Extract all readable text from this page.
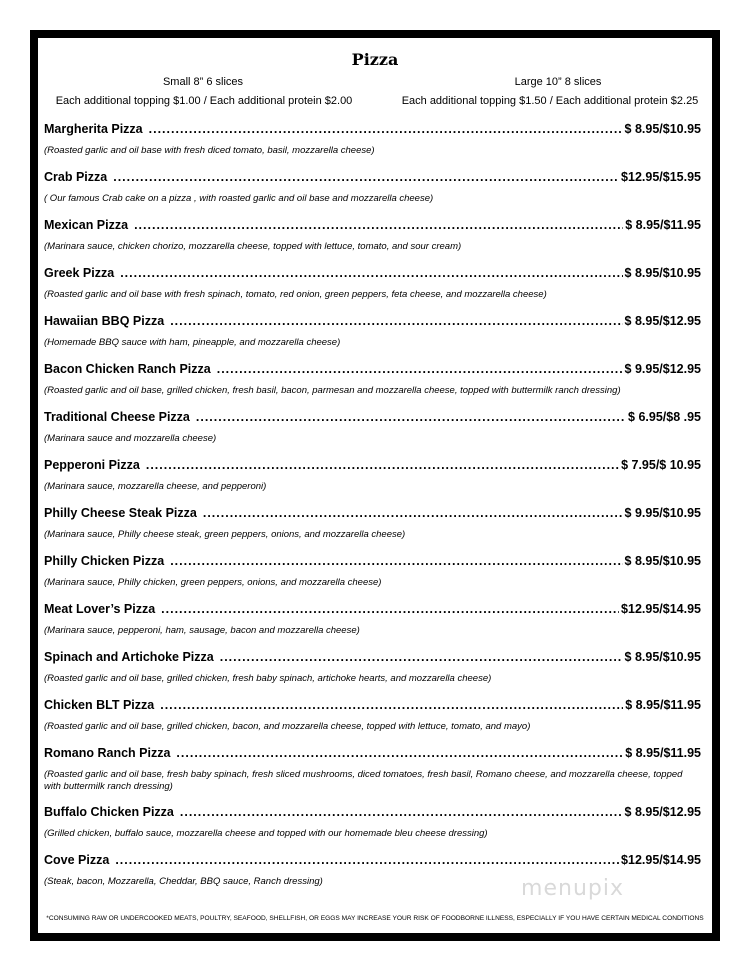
Pizza
Small 8” 6 slices	Large 10” 8 slices
Each additional topping $1.00 / Each additional protein $2.00	Each additional topping $1.50 / Each additional protein $2.25
Margherita Pizza .....	$ 8.95/$10.95
(Roasted garlic and oil base with fresh diced tomato, basil, mozzarella cheese)
Crab Pizza .....	$12.95/$15.95
( Our famous Crab cake on a pizza , with roasted garlic and oil base and mozzarella cheese)
Mexican Pizza .....	$ 8.95/$11.95
(Marinara sauce, chicken chorizo, mozzarella cheese, topped with lettuce, tomato, and sour cream)
Greek Pizza .....	$ 8.95/$10.95
(Roasted garlic and oil base with fresh spinach, tomato, red onion, green peppers, feta cheese, and mozzarella cheese)
Hawaiian BBQ Pizza .....	$ 8.95/$12.95
(Homemade BBQ sauce with ham, pineapple, and mozzarella cheese)
Bacon Chicken Ranch Pizza .....	$ 9.95/$12.95
(Roasted garlic and oil base, grilled chicken, fresh basil, bacon, parmesan and mozzarella cheese, topped with buttermilk ranch dressing)
Traditional Cheese Pizza .....	$ 6.95/$8 .95
(Marinara sauce and mozzarella cheese)
Pepperoni Pizza .....	$ 7.95/$ 10.95
(Marinara sauce, mozzarella cheese, and pepperoni)
Philly Cheese Steak Pizza .....	$ 9.95/$10.95
(Marinara sauce, Philly cheese steak, green peppers, onions, and mozzarella cheese)
Philly Chicken Pizza .....	$ 8.95/$10.95
(Marinara sauce, Philly chicken, green peppers, onions, and mozzarella cheese)
Meat Lover’s Pizza .....	$12.95/$14.95
(Marinara sauce, pepperoni, ham, sausage, bacon and mozzarella cheese)
Spinach and Artichoke Pizza .....	$ 8.95/$10.95
(Roasted garlic and oil base, grilled chicken, fresh baby spinach, artichoke hearts, and mozzarella cheese)
Chicken BLT Pizza .....	$ 8.95/$11.95
(Roasted garlic and oil base, grilled chicken, bacon, and mozzarella cheese, topped with lettuce, tomato, and mayo)
Romano Ranch Pizza .....	$ 8.95/$11.95
(Roasted garlic and oil base, fresh baby spinach, fresh sliced mushrooms, diced tomatoes, fresh basil, Romano cheese, and mozzarella cheese, topped with buttermilk ranch dressing)
Buffalo Chicken Pizza .....	$ 8.95/$12.95
(Grilled chicken, buffalo sauce, mozzarella cheese and topped with our homemade bleu cheese dressing)
Cove Pizza .....	$12.95/$14.95
(Steak, bacon, Mozzarella, Cheddar, BBQ sauce, Ranch dressing)	menupix
*CONSUMING RAW OR UNDERCOOKED MEATS, POULTRY, SEAFOOD, SHELLFISH, OR EGGS MAY INCREASE YOUR RISK OF FOODBORNE ILLNESS, ESPECIALLY IF YOU HAVE CERTAIN MEDICAL CONDITIONS
